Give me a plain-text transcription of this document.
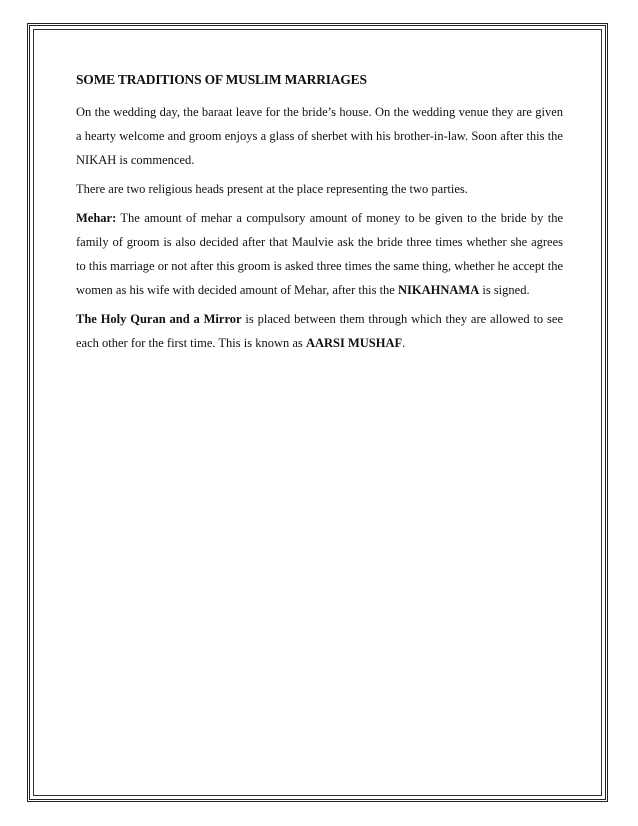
SOME TRADITIONS OF MUSLIM MARRIAGES

On the wedding day, the baraat leave for the bride’s house. On the wedding venue they are given a hearty welcome and groom enjoys a glass of sherbet with his brother-in-law. Soon after this the NIKAH is commenced.

There are two religious heads present at the place representing the two parties.

Mehar: The amount of mehar a compulsory amount of money to be given to the bride by the family of groom is also decided after that Maulvie ask the bride three times whether she agrees to this marriage or not after this groom is asked three times the same thing, whether he accept the women as his wife with decided amount of Mehar, after this the NIKAHNAMA is signed.

The Holy Quran and a Mirror is placed between them through which they are allowed to see each other for the first time. This is known as AARSI MUSHAF.
